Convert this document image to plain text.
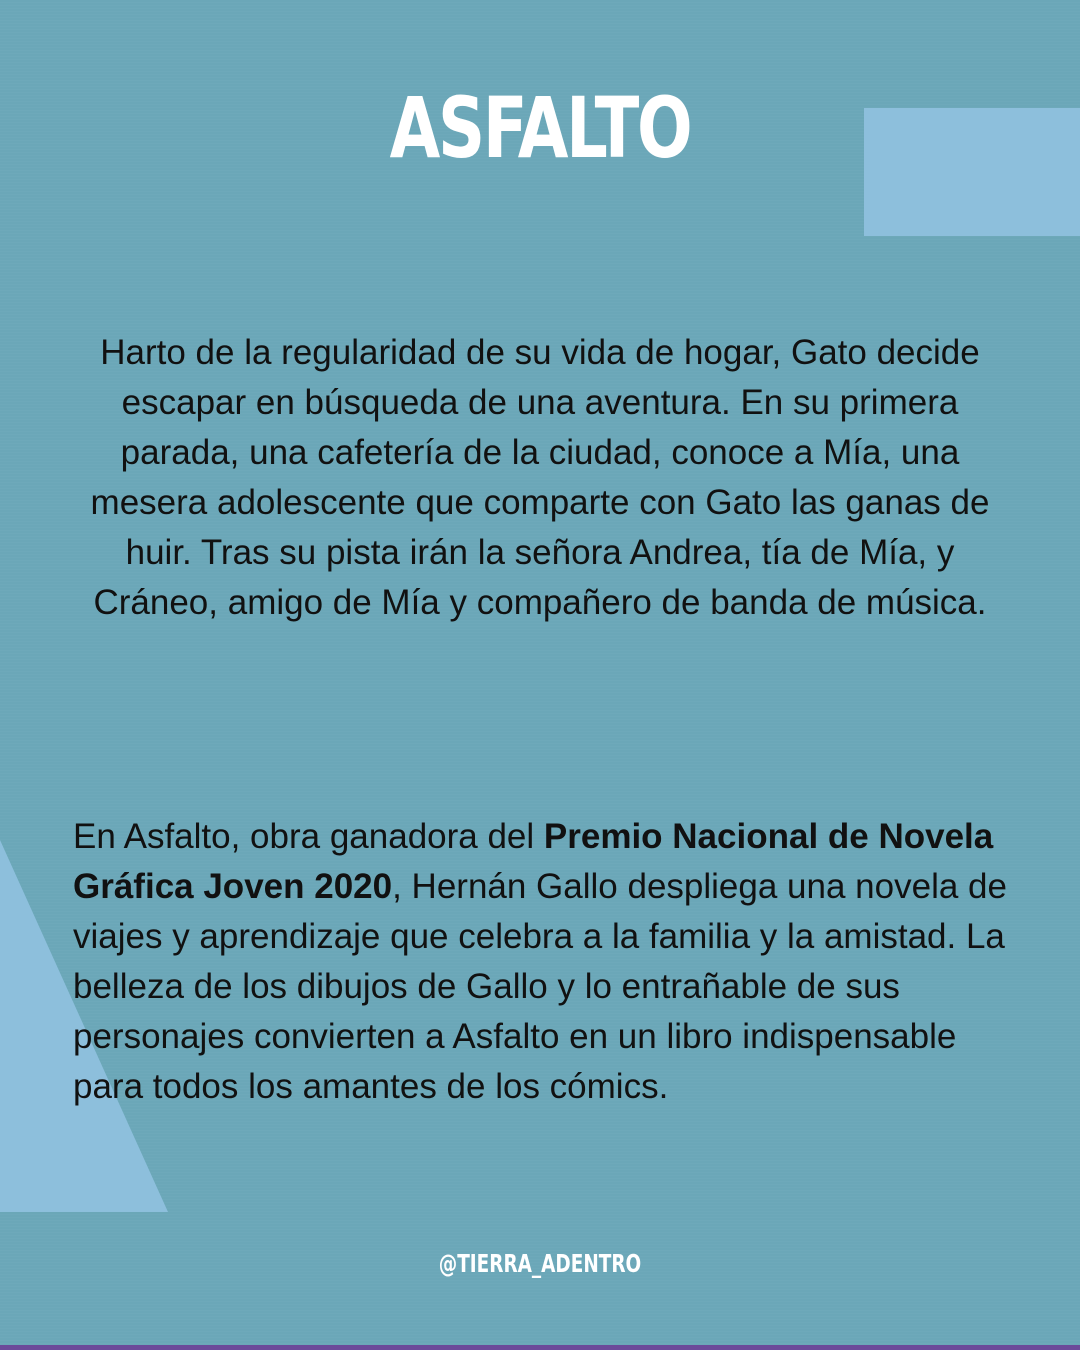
ASFALTO

Harto de la regularidad de su vida de hogar, Gato decide escapar en búsqueda de una aventura. En su primera parada, una cafetería de la ciudad, conoce a Mía, una mesera adolescente que comparte con Gato las ganas de huir. Tras su pista irán la señora Andrea, tía de Mía, y Cráneo, amigo de Mía y compañero de banda de música.

En Asfalto, obra ganadora del Premio Nacional de Novela Gráfica Joven 2020, Hernán Gallo despliega una novela de viajes y aprendizaje que celebra a la familia y la amistad. La belleza de los dibujos de Gallo y lo entrañable de sus personajes convierten a Asfalto en un libro indispensable para todos los amantes de los cómics.

@TIERRA_ADENTRO
